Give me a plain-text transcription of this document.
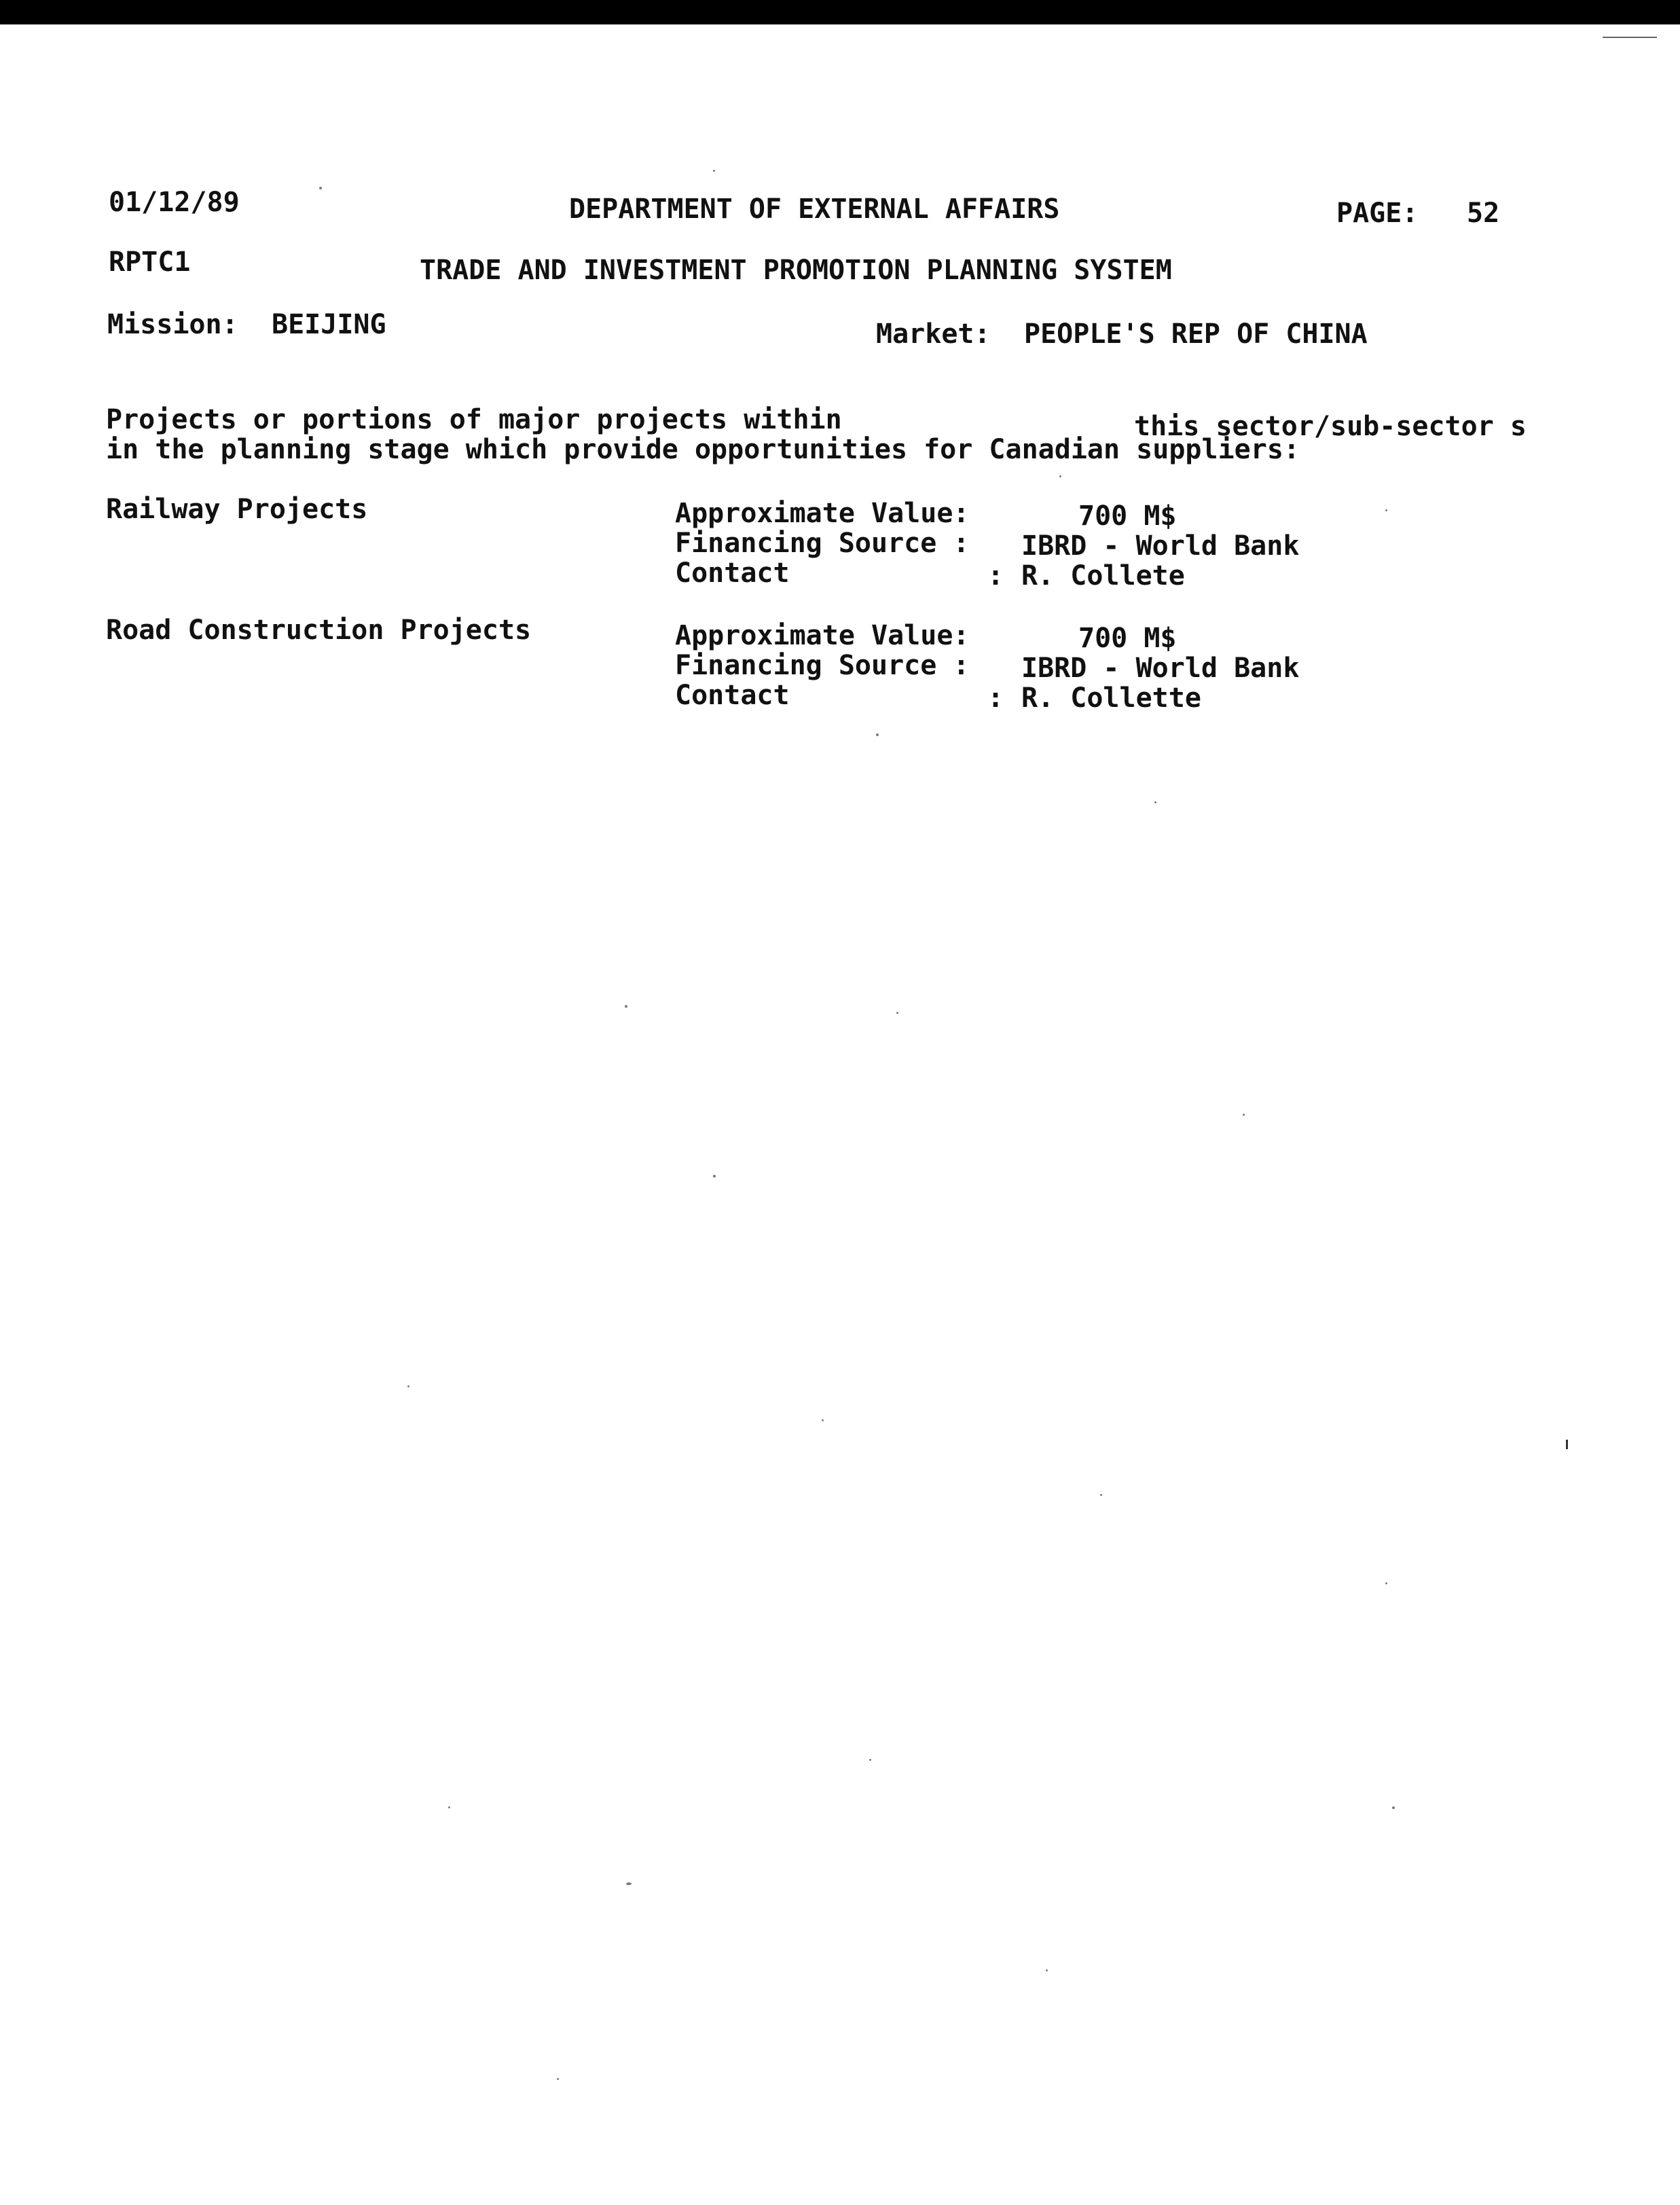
01/12/89	DEPARTMENT OF EXTERNAL AFFAIRS	PAGE: 52
RPTC1	TRADE AND INVESTMENT PROMOTION PLANNING SYSTEM
Mission: BEIJING	Market: PEOPLE'S REP OF CHINA
Projects or portions of major projects within	this sector/sub-sector s
in the planning stage which provide opportunities for Canadian suppliers:
Railway Projects	Approximate Value:	700 M$
Financing Source : IBRD - World Bank
Contact	: R. Collete
Road Construction Projects	Approximate Value:	700 M$
Financing Source : IBRD - World Bank
Contact	: R. Collette
